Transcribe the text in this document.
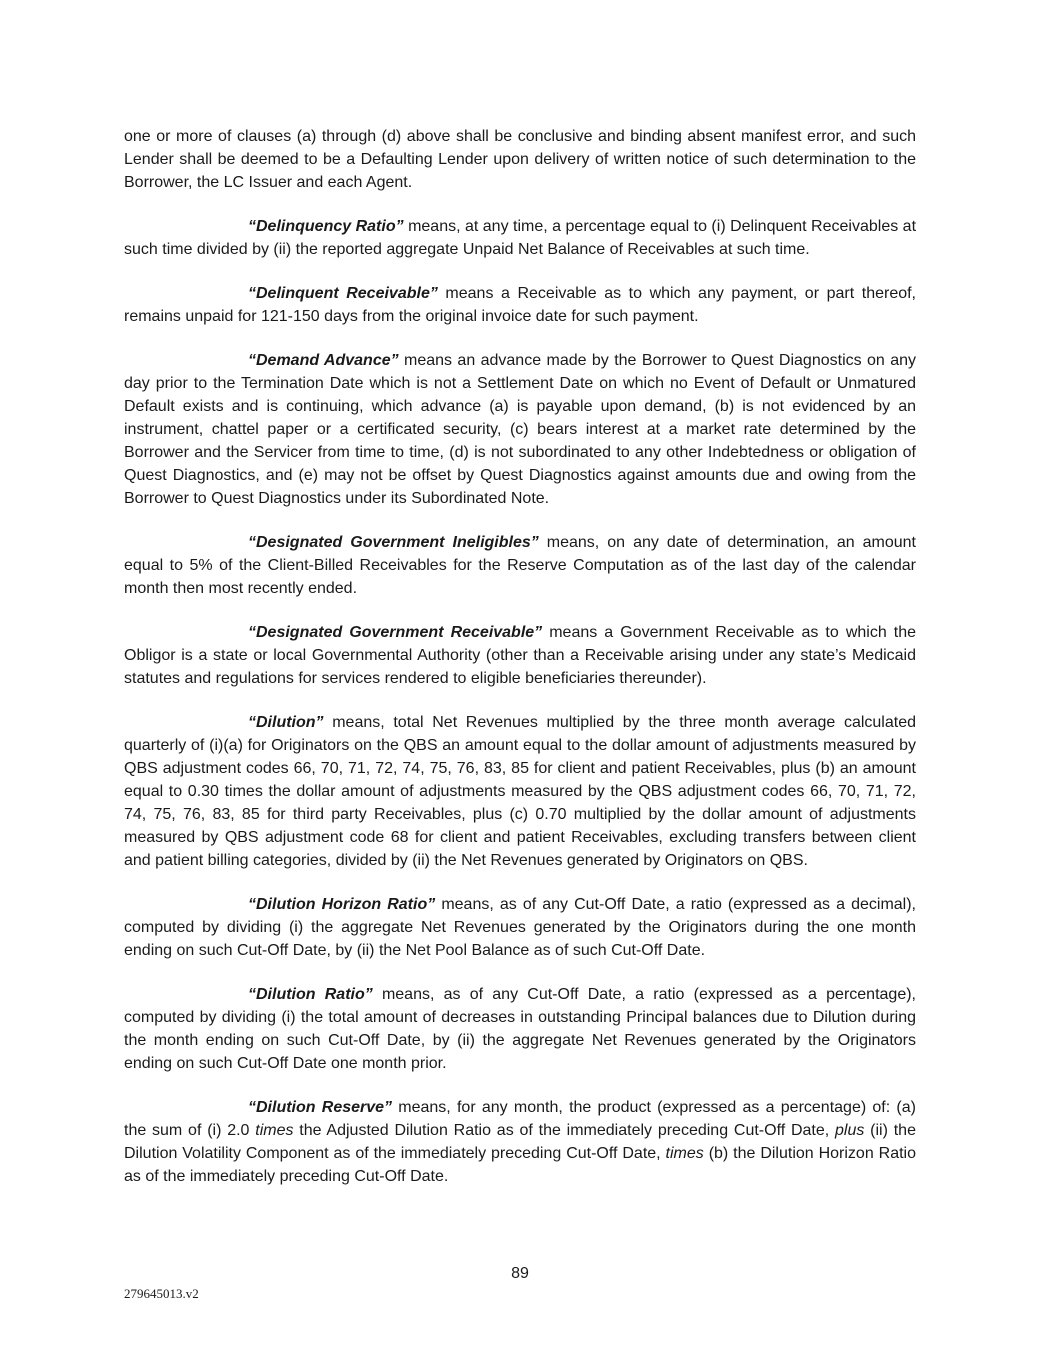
one or more of clauses (a) through (d) above shall be conclusive and binding absent manifest error, and such Lender shall be deemed to be a Defaulting Lender upon delivery of written notice of such determination to the Borrower, the LC Issuer and each Agent.

“Delinquency Ratio” means, at any time, a percentage equal to (i) Delinquent Receivables at such time divided by (ii) the reported aggregate Unpaid Net Balance of Receivables at such time.

“Delinquent Receivable” means a Receivable as to which any payment, or part thereof, remains unpaid for 121-150 days from the original invoice date for such payment.

“Demand Advance” means an advance made by the Borrower to Quest Diagnostics on any day prior to the Termination Date which is not a Settlement Date on which no Event of Default or Unmatured Default exists and is continuing, which advance (a) is payable upon demand, (b) is not evidenced by an instrument, chattel paper or a certificated security, (c) bears interest at a market rate determined by the Borrower and the Servicer from time to time, (d) is not subordinated to any other Indebtedness or obligation of Quest Diagnostics, and (e) may not be offset by Quest Diagnostics against amounts due and owing from the Borrower to Quest Diagnostics under its Subordinated Note.

“Designated Government Ineligibles” means, on any date of determination, an amount equal to 5% of the Client-Billed Receivables for the Reserve Computation as of the last day of the calendar month then most recently ended.

“Designated Government Receivable” means a Government Receivable as to which the Obligor is a state or local Governmental Authority (other than a Receivable arising under any state’s Medicaid statutes and regulations for services rendered to eligible beneficiaries thereunder).

“Dilution” means, total Net Revenues multiplied by the three month average calculated quarterly of (i)(a) for Originators on the QBS an amount equal to the dollar amount of adjustments measured by QBS adjustment codes 66, 70, 71, 72, 74, 75, 76, 83, 85 for client and patient Receivables, plus (b) an amount equal to 0.30 times the dollar amount of adjustments measured by the QBS adjustment codes 66, 70, 71, 72, 74, 75, 76, 83, 85 for third party Receivables, plus (c) 0.70 multiplied by the dollar amount of adjustments measured by QBS adjustment code 68 for client and patient Receivables, excluding transfers between client and patient billing categories, divided by (ii) the Net Revenues generated by Originators on QBS.

“Dilution Horizon Ratio” means, as of any Cut-Off Date, a ratio (expressed as a decimal), computed by dividing (i) the aggregate Net Revenues generated by the Originators during the one month ending on such Cut-Off Date, by (ii) the Net Pool Balance as of such Cut-Off Date.

“Dilution Ratio” means, as of any Cut-Off Date, a ratio (expressed as a percentage), computed by dividing (i) the total amount of decreases in outstanding Principal balances due to Dilution during the month ending on such Cut-Off Date, by (ii) the aggregate Net Revenues generated by the Originators ending on such Cut-Off Date one month prior.

“Dilution Reserve” means, for any month, the product (expressed as a percentage) of: (a) the sum of (i) 2.0 times the Adjusted Dilution Ratio as of the immediately preceding Cut-Off Date, plus (ii) the Dilution Volatility Component as of the immediately preceding Cut-Off Date, times (b) the Dilution Horizon Ratio as of the immediately preceding Cut-Off Date.

89
279645013.v2
